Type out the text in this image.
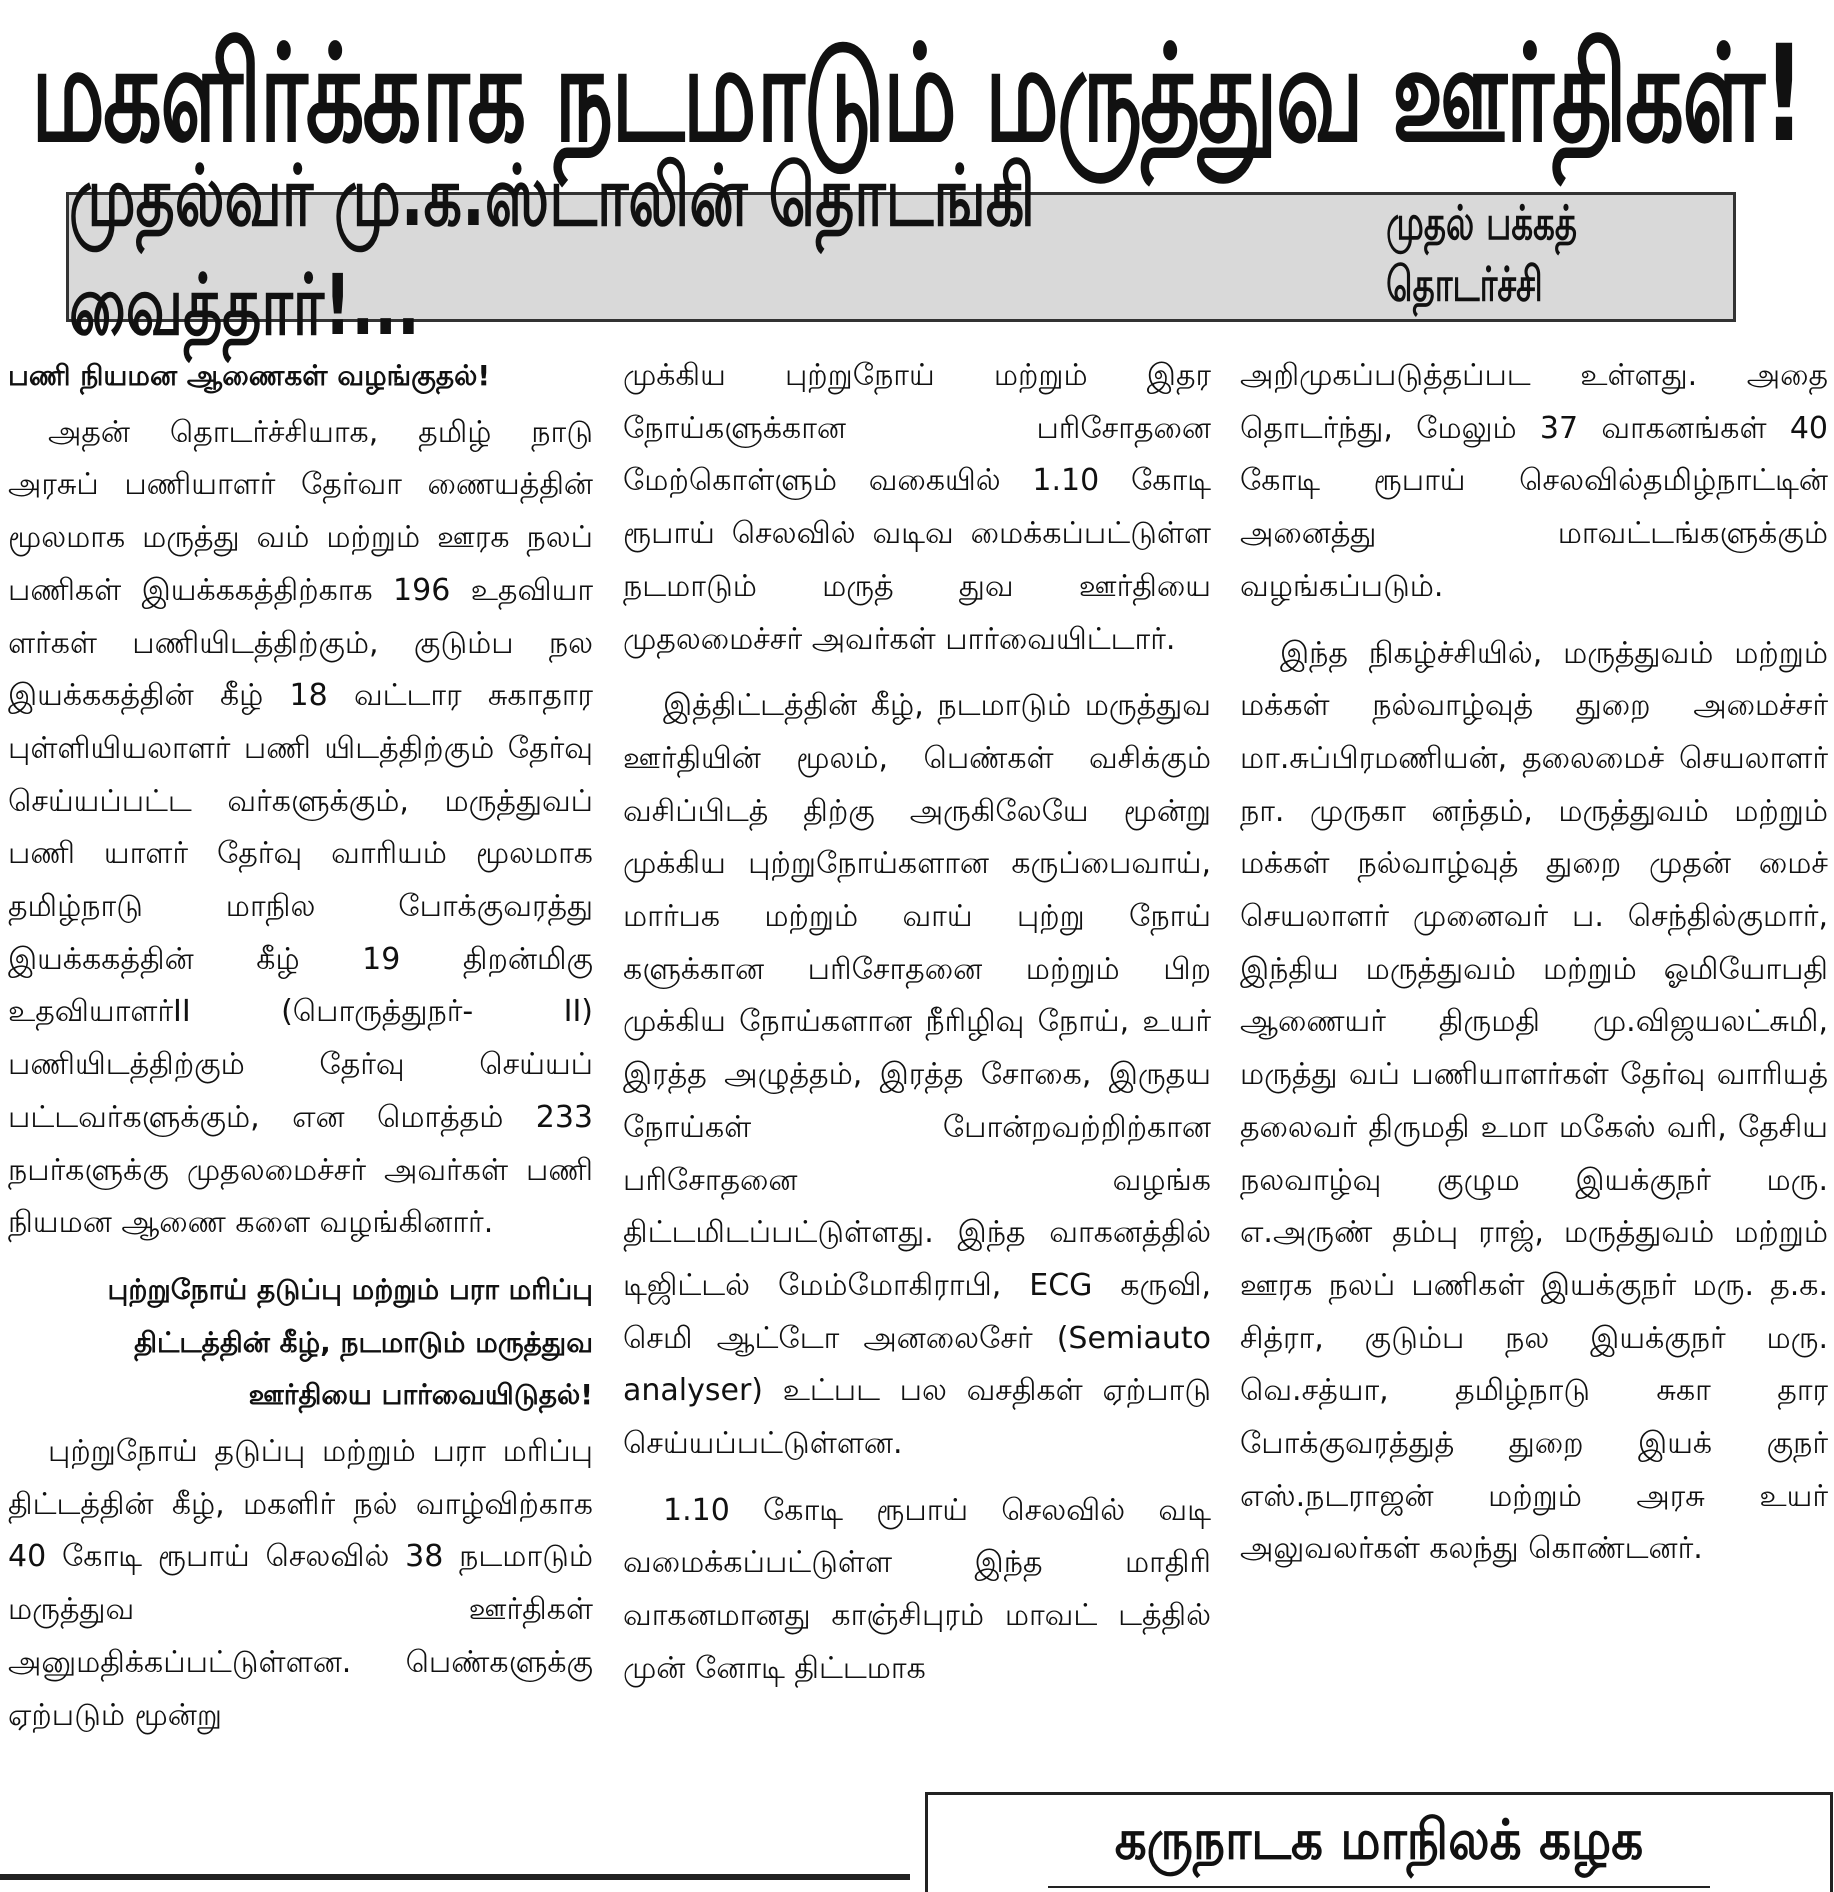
மகளிர்க்காக நடமாடும் மருத்துவ ஊர்திகள்!
முதல்வர் மு.க.ஸ்டாலின் தொடங்கி வைத்தார்!...
முதல் பக்கத் தொடர்ச்சி
பணி நியமன ஆணைகள் வழங்குதல்!

அதன் தொடர்ச்சியாக, தமிழ் நாடு அரசுப் பணியாளர் தேர்வா ணையத்தின் மூலமாக மருத்து வம் மற்றும் ஊரக நலப் பணிகள் இயக்ககத்திற்காக 196 உதவியா ளர்கள் பணியிடத்திற்கும், குடும்ப நல இயக்ககத்தின் கீழ் 18 வட்டார சுகாதார புள்ளியியலாளர் பணி யிடத்திற்கும் தேர்வு செய்யப்பட்ட வர்களுக்கும், மருத்துவப் பணி யாளர் தேர்வு வாரியம் மூலமாக தமிழ்நாடு மாநில போக்குவரத்து இயக்ககத்தின் கீழ் 19 திறன்மிகு உதவியாளர்II (பொருத்துநர்- II) பணியிடத்திற்கும் தேர்வு செய்யப் பட்டவர்களுக்கும், என மொத்தம் 233 நபர்களுக்கு முதலமைச்சர் அவர்கள் பணி நியமன ஆணை களை வழங்கினார்.

புற்றுநோய் தடுப்பு மற்றும் பரா மரிப்பு திட்டத்தின் கீழ், நடமாடும் மருத்துவ ஊர்தியை பார்வையிடுதல்!

புற்றுநோய் தடுப்பு மற்றும் பரா மரிப்பு திட்டத்தின் கீழ், மகளிர் நல் வாழ்விற்காக 40 கோடி ரூபாய் செலவில் 38 நடமாடும் மருத்துவ ஊர்திகள் அனுமதிக்கப்பட்டுள்ளன. பெண்களுக்கு ஏற்படும் மூன்று

முக்கிய புற்றுநோய் மற்றும் இதர நோய்களுக்கான பரிசோதனை மேற்கொள்ளும் வகையில் 1.10 கோடி ரூபாய் செலவில் வடிவ மைக்கப்பட்டுள்ள நடமாடும் மருத் துவ ஊர்தியை முதலமைச்சர் அவர்கள் பார்வையிட்டார்.

இத்திட்டத்தின் கீழ், நடமாடும் மருத்துவ ஊர்தியின் மூலம், பெண்கள் வசிக்கும் வசிப்பிடத் திற்கு அருகிலேயே மூன்று முக்கிய புற்றுநோய்களான கருப்பைவாய், மார்பக மற்றும் வாய் புற்று நோய் களுக்கான பரிசோதனை மற்றும் பிற முக்கிய நோய்களான நீரிழிவு நோய், உயர் இரத்த அழுத்தம், இரத்த சோகை, இருதய நோய்கள் போன்றவற்றிற்கான பரிசோதனை வழங்க திட்டமிடப்பட்டுள்ளது. இந்த வாகனத்தில் டிஜிட்டல் மேம்மோகிராபி, ECG கருவி, செமி ஆட்டோ அனலைசேர் (Semiauto analyser) உட்பட பல வசதிகள் ஏற்பாடு செய்யப்பட்டுள்ளன.

1.10 கோடி ரூபாய் செலவில் வடி வமைக்கப்பட்டுள்ள இந்த மாதிரி வாகனமானது காஞ்சிபுரம் மாவட் டத்தில் முன் னோடி திட்டமாக

அறிமுகப்படுத்தப்பட உள்ளது. அதை தொடர்ந்து, மேலும் 37 வாகனங்கள் 40 கோடி ரூபாய் செலவில்தமிழ்நாட்டின் அனைத்து மாவட்டங்களுக்கும் வழங்கப்படும்.

இந்த நிகழ்ச்சியில், மருத்துவம் மற்றும் மக்கள் நல்வாழ்வுத் துறை அமைச்சர் மா.சுப்பிரமணியன், தலைமைச் செயலாளர் நா. முருகா னந்தம், மருத்துவம் மற்றும் மக்கள் நல்வாழ்வுத் துறை முதன் மைச் செயலாளர் முனைவர் ப. செந்தில்குமார், இந்திய மருத்துவம் மற்றும் ஓமியோபதி ஆணையர் திருமதி மு.விஜயலட்சுமி, மருத்து வப் பணியாளர்கள் தேர்வு வாரியத் தலைவர் திருமதி உமா மகேஸ் வரி, தேசிய நலவாழ்வு குழும இயக்குநர் மரு. எ.அருண் தம்பு ராஜ், மருத்துவம் மற்றும் ஊரக நலப் பணிகள் இயக்குநர் மரு. த.க. சித்ரா, குடும்ப நல இயக்குநர் மரு. வெ.சத்யா, தமிழ்நாடு சுகா தார போக்குவரத்துத் துறை இயக் குநர் எஸ்.நடராஜன் மற்றும் அரசு உயர் அலுவலர்கள் கலந்து கொண்டனர்.

கருநாடக மாநிலக் கழக
